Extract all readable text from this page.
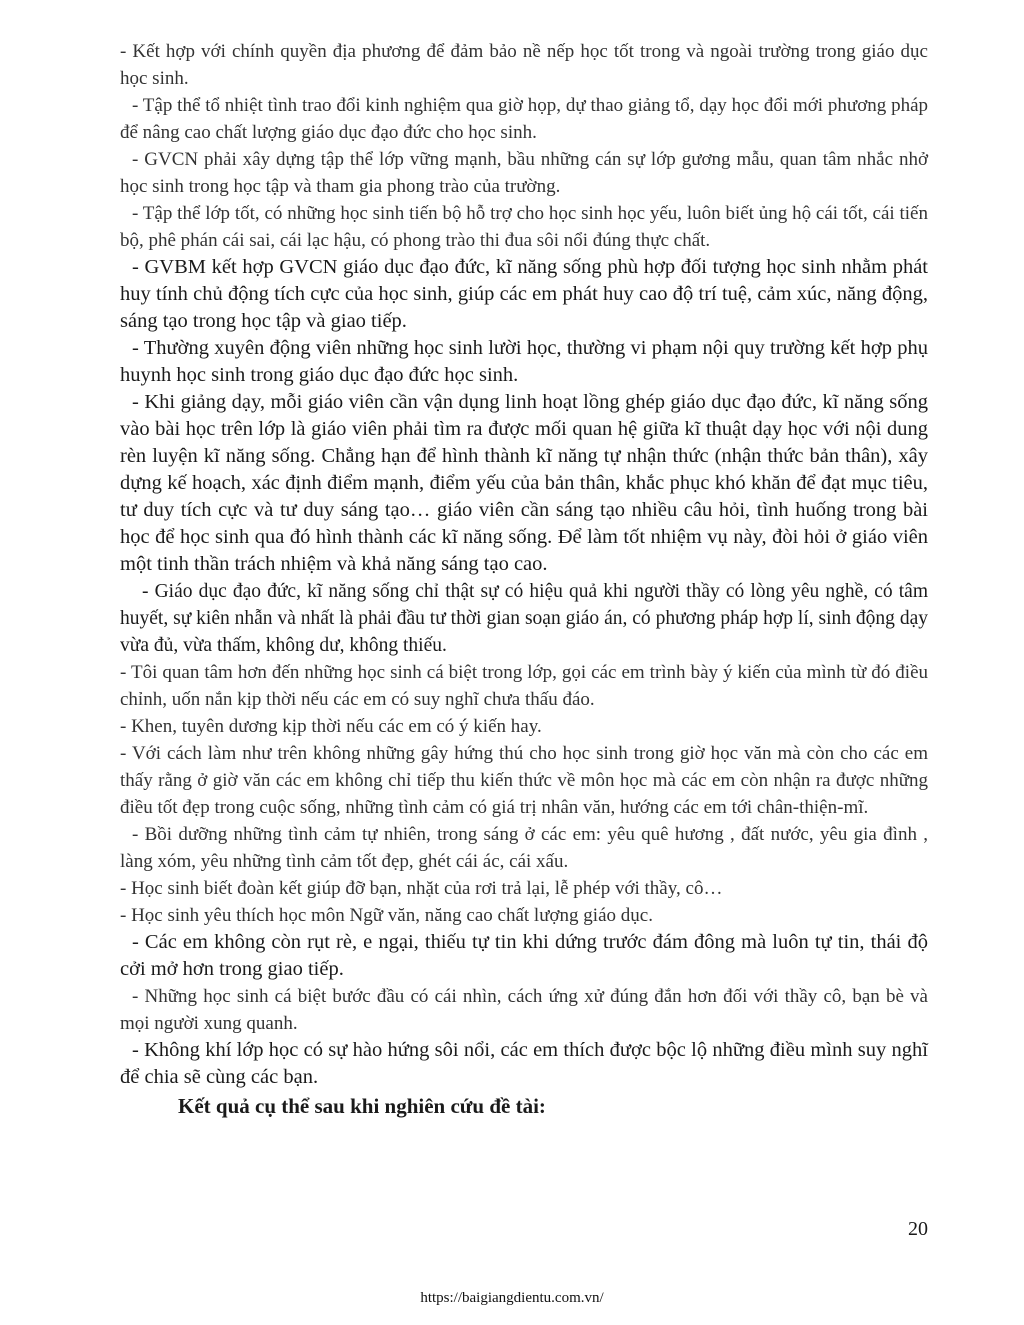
- Kết hợp với chính quyền địa phương để đảm bảo nề nếp học tốt trong và ngoài trường trong giáo dục học sinh.

- Tập thể tổ nhiệt tình trao đổi kinh nghiệm qua giờ họp, dự thao giảng tổ, dạy học đổi mới phương pháp để nâng cao chất lượng giáo dục đạo đức cho học sinh.

- GVCN phải xây dựng tập thể lớp vững mạnh, bầu những cán sự lớp gương mẫu, quan tâm nhắc nhở học sinh trong học tập và tham gia phong trào của trường.

- Tập thể lớp tốt, có những học sinh tiến bộ hỗ trợ cho học sinh học yếu, luôn biết ủng hộ cái tốt, cái tiến bộ, phê phán cái sai, cái lạc hậu, có phong trào thi đua sôi nổi đúng thực chất.

- GVBM kết hợp GVCN giáo dục đạo đức, kĩ năng sống phù hợp đối tượng học sinh nhằm phát huy tính chủ động tích cực của học sinh, giúp các em phát huy cao độ trí tuệ, cảm xúc, năng động, sáng tạo trong học tập và giao tiếp.

- Thường xuyên động viên những học sinh lười học, thường vi phạm nội quy trường kết hợp phụ huynh học sinh trong giáo dục đạo đức học sinh.

- Khi giảng dạy, mỗi giáo viên cần vận dụng linh hoạt lồng ghép giáo dục đạo đức, kĩ năng sống vào bài học trên lớp là giáo viên phải tìm ra được mối quan hệ giữa kĩ thuật dạy học với nội dung rèn luyện kĩ năng sống. Chẳng hạn để hình thành kĩ năng tự nhận thức (nhận thức bản thân), xây dựng kế hoạch, xác định điểm mạnh, điểm yếu của bản thân, khắc phục khó khăn để đạt mục tiêu, tư duy tích cực và tư duy sáng tạo… giáo viên cần sáng tạo nhiều câu hỏi, tình huống trong bài học để học sinh qua đó hình thành các kĩ năng sống. Để làm tốt nhiệm vụ này, đòi hỏi ở giáo viên một tinh thần trách nhiệm và khả năng sáng tạo cao.

- Giáo dục đạo đức, kĩ năng sống chỉ thật sự có hiệu quả khi người thầy có lòng yêu nghề, có tâm huyết, sự kiên nhẫn và nhất là phải đầu tư thời gian soạn giáo án, có phương pháp hợp lí, sinh động dạy vừa đủ, vừa thấm, không dư, không thiếu.

- Tôi quan tâm hơn đến những học sinh cá biệt trong lớp, gọi các em trình bày ý kiến của mình từ đó điều chỉnh, uốn nắn kịp thời nếu các em có suy nghĩ chưa thấu đáo.

- Khen, tuyên dương kịp thời nếu các em có ý kiến hay.

- Với cách làm như trên không những gây hứng thú cho học sinh trong giờ học văn mà còn cho các em thấy rằng ở giờ văn các em không chỉ tiếp thu kiến thức về môn học mà các em còn nhận ra được những điều tốt đẹp trong cuộc sống, những tình cảm có giá trị nhân văn, hướng các em tới chân-thiện-mĩ.

- Bồi dưỡng những tình cảm tự nhiên, trong sáng ở các em: yêu quê hương , đất nước, yêu gia đình , làng xóm, yêu những tình cảm tốt đẹp, ghét cái ác, cái xấu.

- Học sinh biết đoàn kết giúp đỡ bạn, nhặt của rơi trả lại, lễ phép với thầy, cô…

- Học sinh yêu thích học môn Ngữ văn, năng cao chất lượng giáo dục.

- Các em không còn rụt rè, e ngại, thiếu tự tin khi dứng trước đám đông mà luôn tự tin, thái độ cởi mở hơn trong giao tiếp.

- Những học sinh cá biệt bước đầu có cái nhìn, cách ứng xử đúng đắn hơn đối với thầy cô, bạn bè và mọi người xung quanh.

- Không khí lớp học có sự hào hứng sôi nổi, các em thích được bộc lộ những điều mình suy nghĩ để chia sẽ cùng các bạn.

Kết quả cụ thể sau khi nghiên cứu đề tài:

20
https://baigiangdientu.com.vn/
